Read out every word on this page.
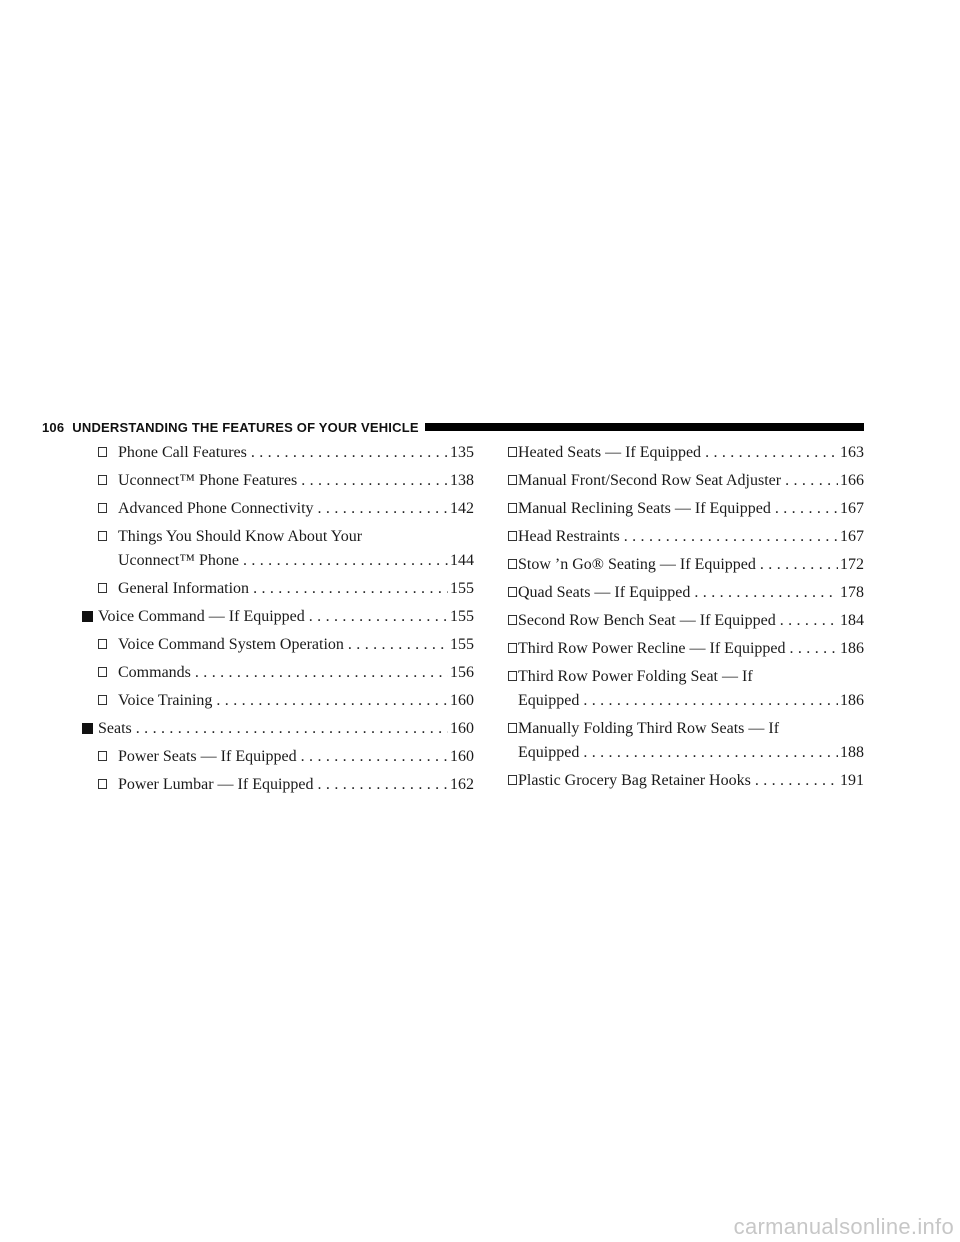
106 UNDERSTANDING THE FEATURES OF YOUR VEHICLE
Phone Call Features . . .	135
Uconnect™ Phone Features . . .	138
Advanced Phone Connectivity . . .	142
Things You Should Know About Your
Uconnect™ Phone . . .	144
General Information . . .	155
Voice Command — If Equipped . . .	155
Voice Command System Operation . . .	155
Commands . . .	156
Voice Training . . .	160
Seats . . .	160
Power Seats — If Equipped . . .	160
Power Lumbar — If Equipped . . .	162
Heated Seats — If Equipped . . .	163
Manual Front/Second Row Seat Adjuster . . .	166
Manual Reclining Seats — If Equipped . . .	167
Head Restraints . . .	167
Stow ’n Go® Seating — If Equipped . . .	172
Quad Seats — If Equipped . . .	178
Second Row Bench Seat — If Equipped . . .	184
Third Row Power Recline — If Equipped . . .	186
Third Row Power Folding Seat — If
Equipped . . .	186
Manually Folding Third Row Seats — If
Equipped . . .	188
Plastic Grocery Bag Retainer Hooks . . .	191
carmanualsonline.info
